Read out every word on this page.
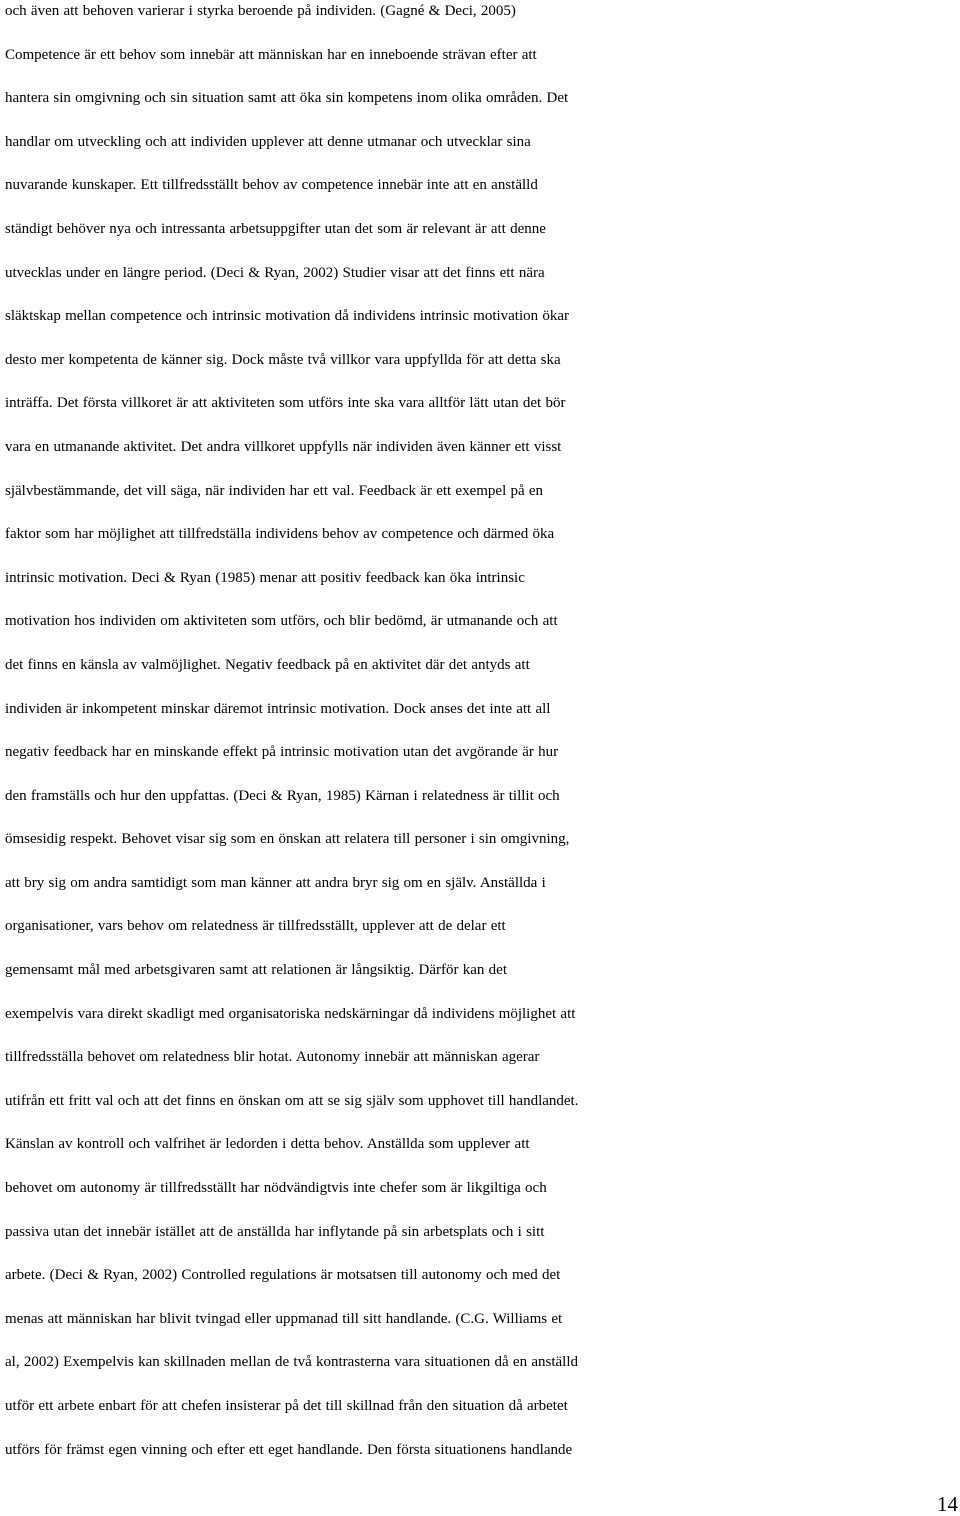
och även att behoven varierar i styrka beroende på individen. (Gagné & Deci, 2005)
Competence är ett behov som innebär att människan har en inneboende strävan efter att
hantera sin omgivning och sin situation samt att öka sin kompetens inom olika områden. Det
handlar om utveckling och att individen upplever att denne utmanar och utvecklar sina
nuvarande kunskaper. Ett tillfredsställt behov av competence innebär inte att en anställd
ständigt behöver nya och intressanta arbetsuppgifter utan det som är relevant är att denne
utvecklas under en längre period. (Deci & Ryan, 2002) Studier visar att det finns ett nära
släktskap mellan competence och intrinsic motivation då individens intrinsic motivation ökar
desto mer kompetenta de känner sig. Dock måste två villkor vara uppfyllda för att detta ska
inträffa. Det första villkoret är att aktiviteten som utförs inte ska vara alltför lätt utan det bör
vara en utmanande aktivitet. Det andra villkoret uppfylls när individen även känner ett visst
självbestämmande, det vill säga, när individen har ett val. Feedback är ett exempel på en
faktor som har möjlighet att tillfredställa individens behov av competence och därmed öka
intrinsic motivation. Deci & Ryan (1985) menar att positiv feedback kan öka intrinsic
motivation hos individen om aktiviteten som utförs, och blir bedömd, är utmanande och att
det finns en känsla av valmöjlighet. Negativ feedback på en aktivitet där det antyds att
individen är inkompetent minskar däremot intrinsic motivation. Dock anses det inte att all
negativ feedback har en minskande effekt på intrinsic motivation utan det avgörande är hur
den framställs och hur den uppfattas. (Deci & Ryan, 1985) Kärnan i relatedness är tillit och
ömsesidig respekt. Behovet visar sig som en önskan att relatera till personer i sin omgivning,
att bry sig om andra samtidigt som man känner att andra bryr sig om en själv. Anställda i
organisationer, vars behov om relatedness är tillfredsställt, upplever att de delar ett
gemensamt mål med arbetsgivaren samt att relationen är långsiktig. Därför kan det
exempelvis vara direkt skadligt med organisatoriska nedskärningar då individens möjlighet att
tillfredsställa behovet om relatedness blir hotat. Autonomy innebär att människan agerar
utifrån ett fritt val och att det finns en önskan om att se sig själv som upphovet till handlandet.
Känslan av kontroll och valfrihet är ledorden i detta behov. Anställda som upplever att
behovet om autonomy är tillfredsställt har nödvändigtvis inte chefer som är likgiltiga och
passiva utan det innebär istället att de anställda har inflytande på sin arbetsplats och i sitt
arbete. (Deci & Ryan, 2002) Controlled regulations är motsatsen till autonomy och med det
menas att människan har blivit tvingad eller uppmanad till sitt handlande. (C.G. Williams et
al, 2002) Exempelvis kan skillnaden mellan de två kontrasterna vara situationen då en anställd
utför ett arbete enbart för att chefen insisterar på det till skillnad från den situation då arbetet
utförs för främst egen vinning och efter ett eget handlande. Den första situationens handlande
14
